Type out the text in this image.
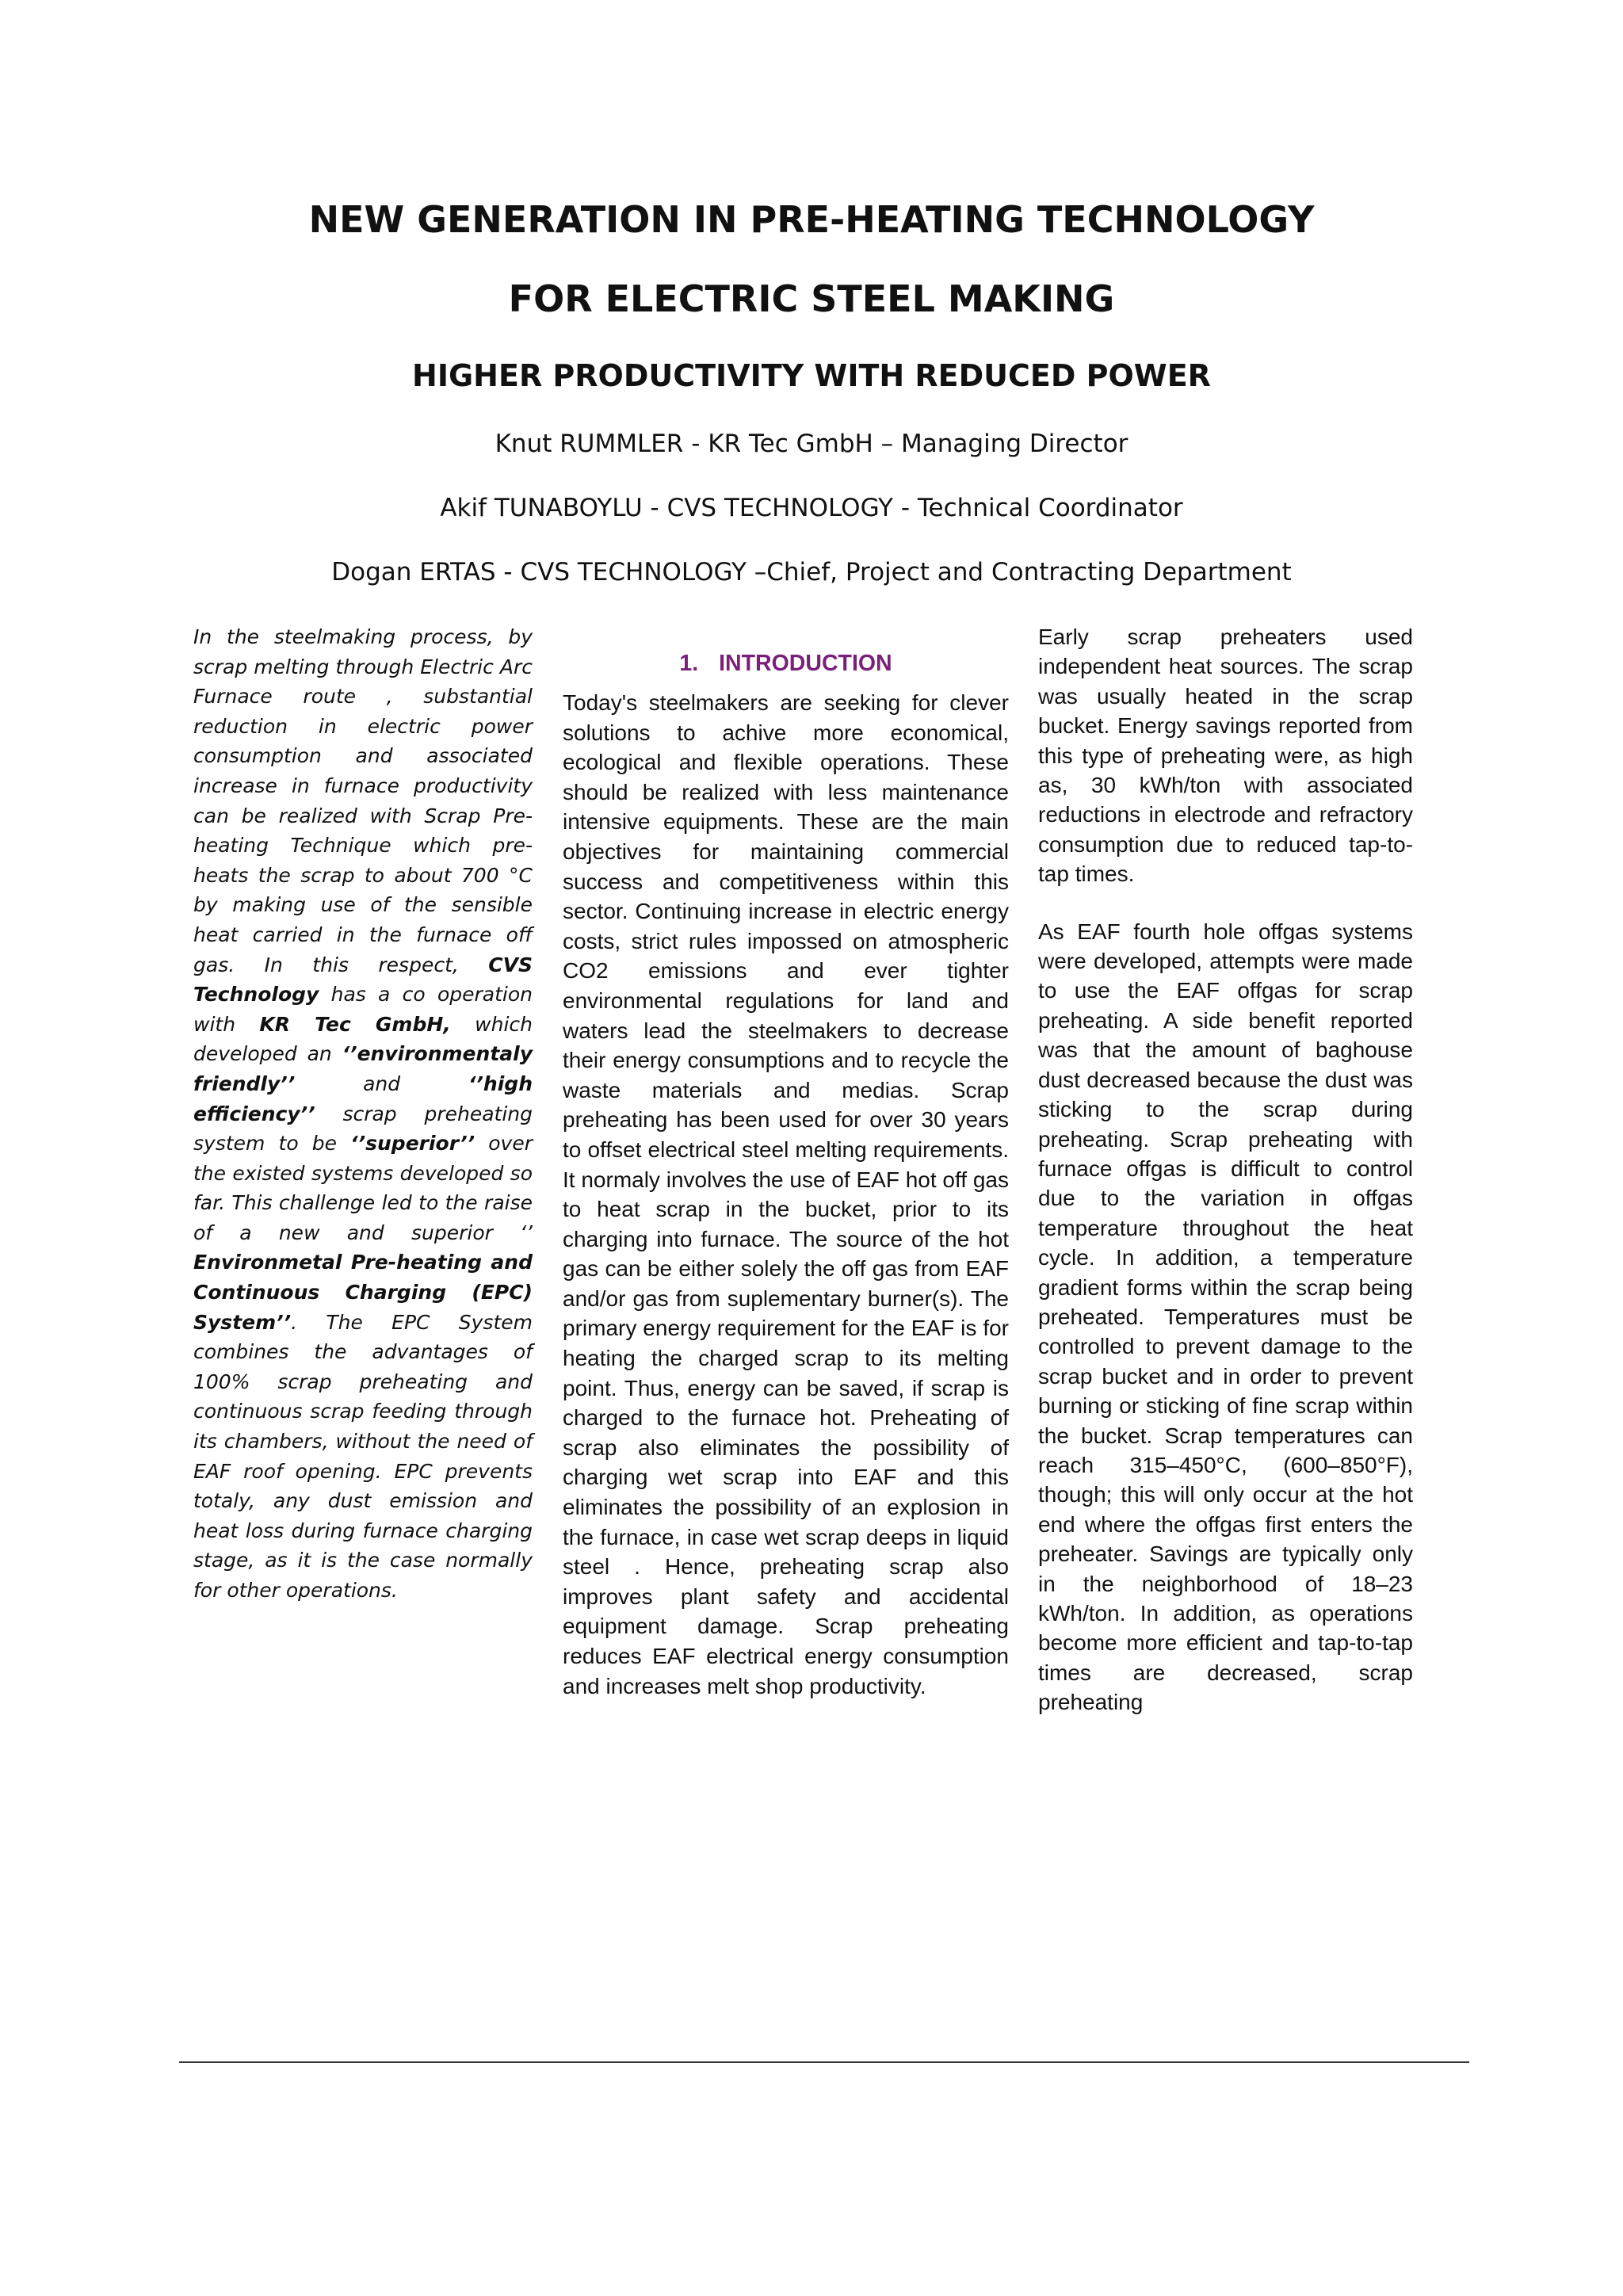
NEW GENERATION IN PRE-HEATING TECHNOLOGY
FOR ELECTRIC STEEL MAKING
HIGHER PRODUCTIVITY WITH REDUCED POWER
Knut RUMMLER - KR Tec GmbH – Managing Director
Akif TUNABOYLU - CVS TECHNOLOGY - Technical Coordinator
Dogan ERTAS - CVS TECHNOLOGY –Chief, Project and Contracting Department

In the steelmaking process, by scrap melting through Electric Arc Furnace route , substantial reduction in electric power consumption and associated increase in furnace productivity can be realized with Scrap Pre-heating Technique which pre-heats the scrap to about 700 °C by making use of the sensible heat carried in the furnace off gas. In this respect, CVS Technology has a co operation with KR Tec GmbH, which developed an ‘’environmentaly friendly’’ and ‘’high efficiency’’ scrap preheating system to be ‘’superior’’ over the existed systems developed so far. This challenge led to the raise of a new and superior ‘’ Environmetal Pre-heating and Continuous Charging (EPC) System’’. The EPC System combines the advantages of 100% scrap preheating and continuous scrap feeding through its chambers, without the need of EAF roof opening. EPC prevents totaly, any dust emission and heat loss during furnace charging stage, as it is the case normally for other operations.

1. INTRODUCTION

Today's steelmakers are seeking for clever solutions to achive more economical, ecological and flexible operations. These should be realized with less maintenance intensive equipments. These are the main objectives for maintaining commercial success and competitiveness within this sector. Continuing increase in electric energy costs, strict rules impossed on atmospheric CO2 emissions and ever tighter environmental regulations for land and waters lead the steelmakers to decrease their energy consumptions and to recycle the waste materials and medias. Scrap preheating has been used for over 30 years to offset electrical steel melting requirements. It normaly involves the use of EAF hot off gas to heat scrap in the bucket, prior to its charging into furnace. The source of the hot gas can be either solely the off gas from EAF and/or gas from suplementary burner(s). The primary energy requirement for the EAF is for heating the charged scrap to its melting point. Thus, energy can be saved, if scrap is charged to the furnace hot. Preheating of scrap also eliminates the possibility of charging wet scrap into EAF and this eliminates the possibility of an explosion in the furnace, in case wet scrap deeps in liquid steel . Hence, preheating scrap also improves plant safety and accidental equipment damage. Scrap preheating reduces EAF electrical energy consumption and increases melt shop productivity.

Early scrap preheaters used independent heat sources. The scrap was usually heated in the scrap bucket. Energy savings reported from this type of preheating were, as high as, 30 kWh/ton with associated reductions in electrode and refractory consumption due to reduced tap-to-tap times.

As EAF fourth hole offgas systems were developed, attempts were made to use the EAF offgas for scrap preheating. A side benefit reported was that the amount of baghouse dust decreased because the dust was sticking to the scrap during preheating. Scrap preheating with furnace offgas is difficult to control due to the variation in offgas temperature throughout the heat cycle. In addition, a temperature gradient forms within the scrap being preheated. Temperatures must be controlled to prevent damage to the scrap bucket and in order to prevent burning or sticking of fine scrap within the bucket. Scrap temperatures can reach 315–450°C, (600–850°F), though; this will only occur at the hot end where the offgas first enters the preheater. Savings are typically only in the neighborhood of 18–23 kWh/ton. In addition, as operations become more efficient and tap-to-tap times are decreased, scrap preheating
